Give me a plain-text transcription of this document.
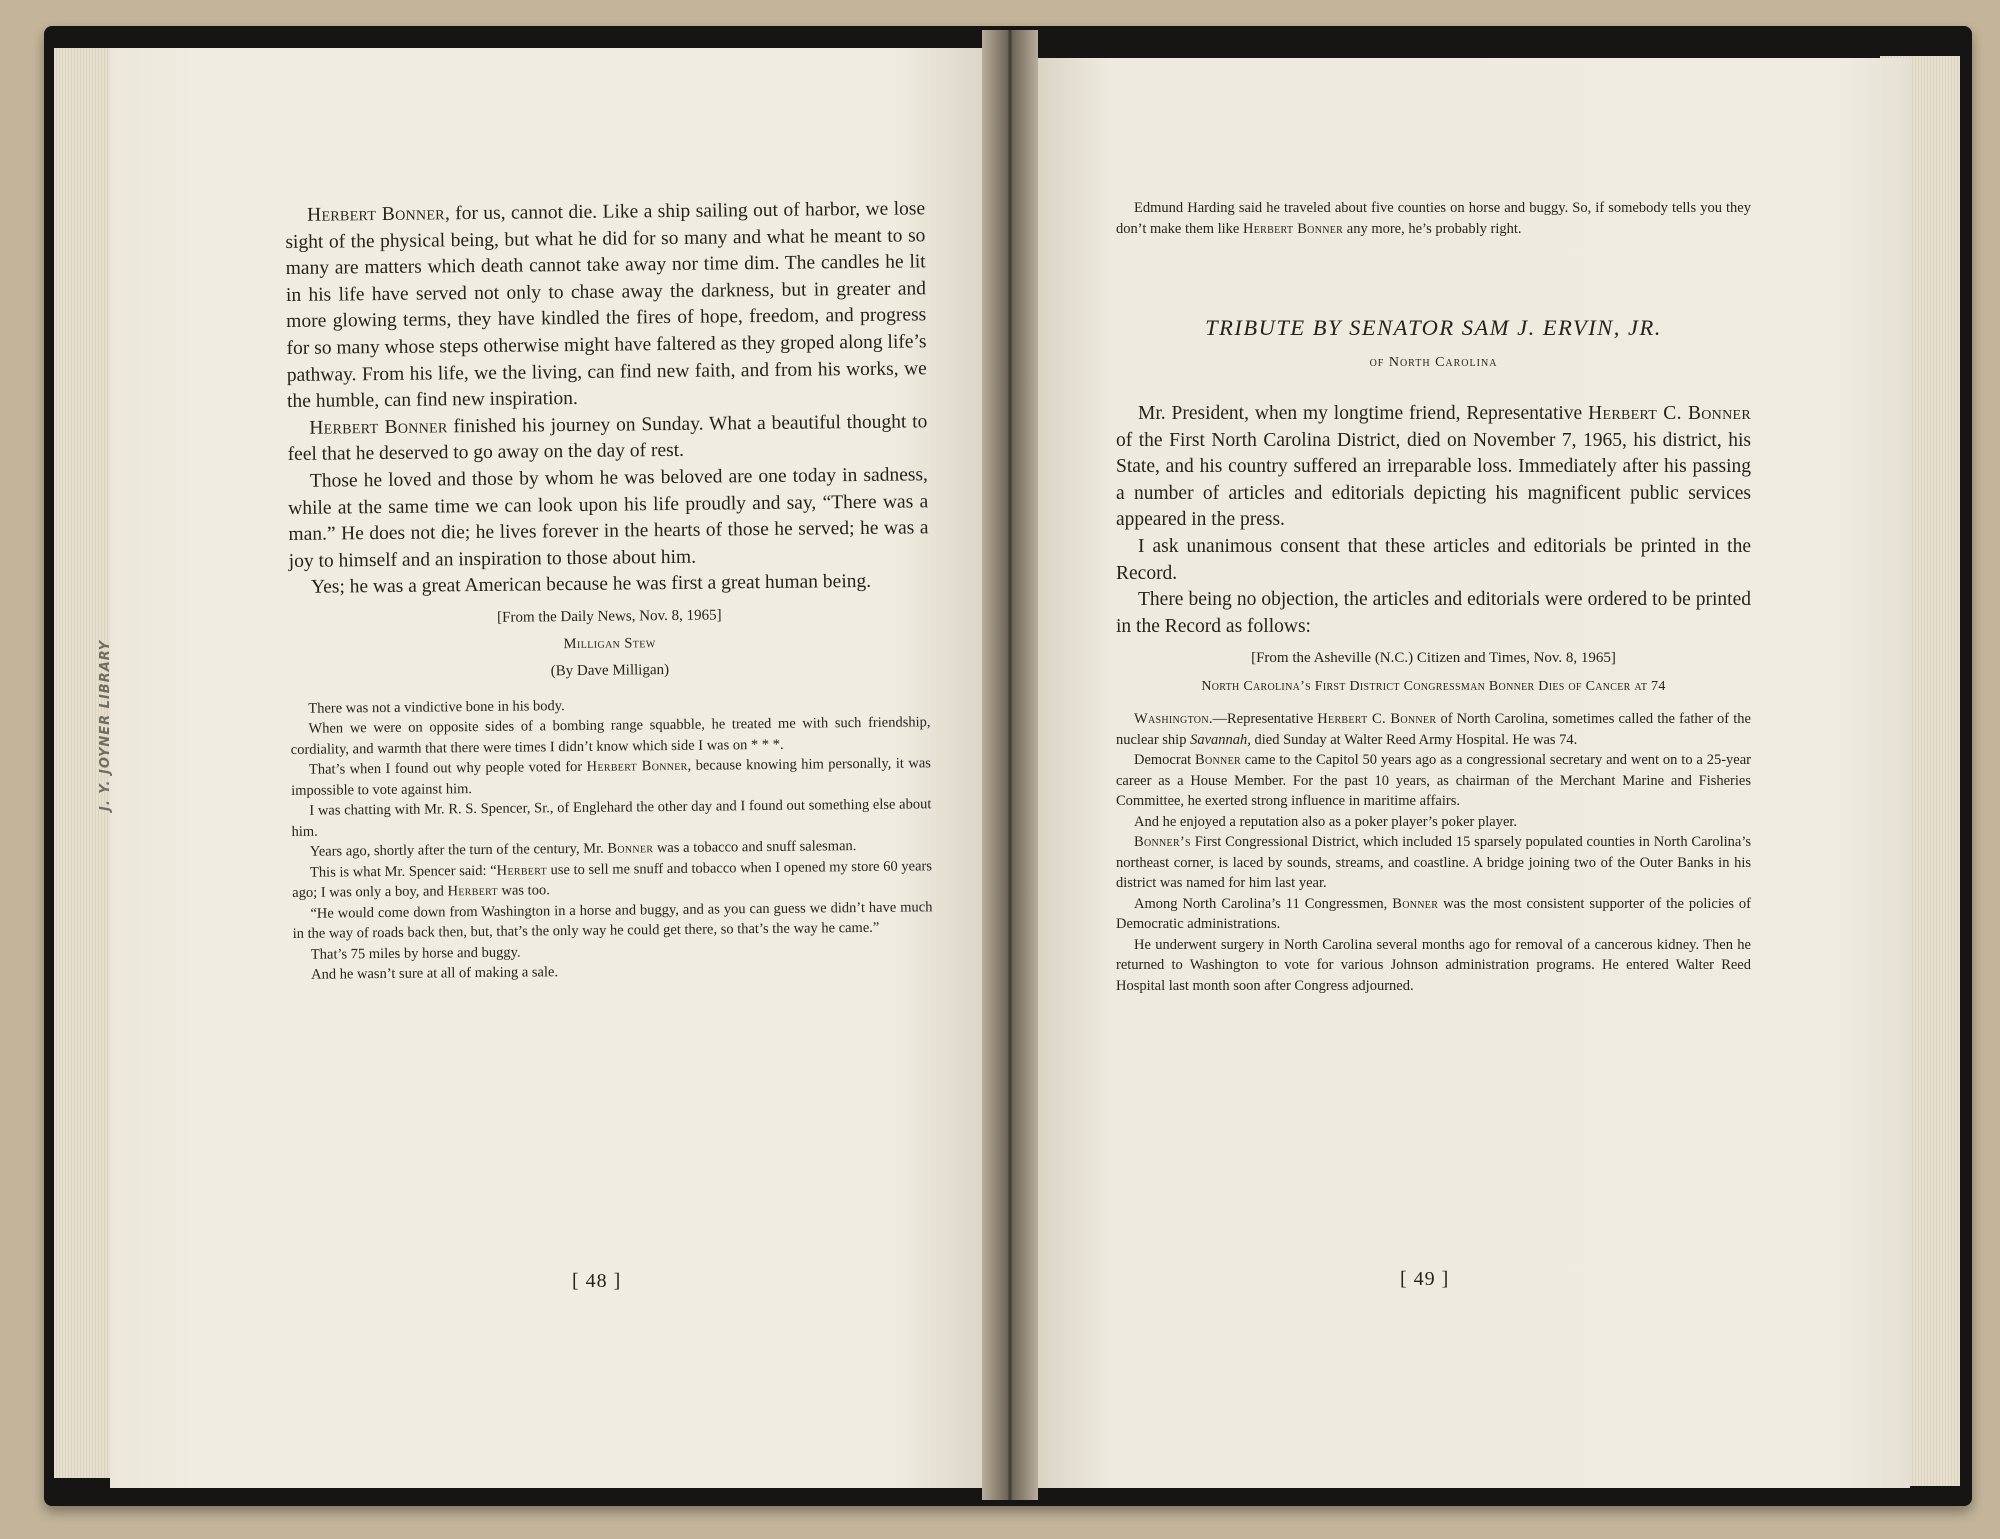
Herbert Bonner, for us, cannot die. Like a ship sailing out of harbor, we lose sight of the physical being, but what he did for so many and what he meant to so many are matters which death cannot take away nor time dim. The candles he lit in his life have served not only to chase away the darkness, but in greater and more glowing terms, they have kindled the fires of hope, freedom, and progress for so many whose steps otherwise might have faltered as they groped along life’s pathway. From his life, we the living, can find new faith, and from his works, we the humble, can find new inspiration.

Herbert Bonner finished his journey on Sunday. What a beautiful thought to feel that he deserved to go away on the day of rest.

Those he loved and those by whom he was beloved are one today in sadness, while at the same time we can look upon his life proudly and say, “There was a man.” He does not die; he lives forever in the hearts of those he served; he was a joy to himself and an inspiration to those about him.

Yes; he was a great American because he was first a great human being.

[From the Daily News, Nov. 8, 1965]
Milligan Stew
(By Dave Milligan)

There was not a vindictive bone in his body.

When we were on opposite sides of a bombing range squabble, he treated me with such friendship, cordiality, and warmth that there were times I didn’t know which side I was on * * *.

That’s when I found out why people voted for Herbert Bonner, because knowing him personally, it was impossible to vote against him.

I was chatting with Mr. R. S. Spencer, Sr., of Englehard the other day and I found out something else about him.

Years ago, shortly after the turn of the century, Mr. Bonner was a tobacco and snuff salesman.

This is what Mr. Spencer said: “Herbert use to sell me snuff and tobacco when I opened my store 60 years ago; I was only a boy, and Herbert was too.

“He would come down from Washington in a horse and buggy, and as you can guess we didn’t have much in the way of roads back then, but, that’s the only way he could get there, so that’s the way he came.”

That’s 75 miles by horse and buggy.

And he wasn’t sure at all of making a sale.

[ 48 ]
J. Y. JOYNER LIBRARY

Edmund Harding said he traveled about five counties on horse and buggy. So, if somebody tells you they don’t make them like Herbert Bonner any more, he’s probably right.

TRIBUTE BY SENATOR SAM J. ERVIN, JR.
of North Carolina

Mr. President, when my longtime friend, Representative Herbert C. Bonner of the First North Carolina District, died on November 7, 1965, his district, his State, and his country suffered an irreparable loss. Immediately after his passing a number of articles and editorials depicting his magnificent public services appeared in the press.

I ask unanimous consent that these articles and editorials be printed in the Record.

There being no objection, the articles and editorials were ordered to be printed in the Record as follows:

[From the Asheville (N.C.) Citizen and Times, Nov. 8, 1965]
North Carolina’s First District Congressman Bonner Dies of Cancer at 74

Washington.—Representative Herbert C. Bonner of North Carolina, sometimes called the father of the nuclear ship Savannah, died Sunday at Walter Reed Army Hospital. He was 74.

Democrat Bonner came to the Capitol 50 years ago as a congressional secretary and went on to a 25-year career as a House Member. For the past 10 years, as chairman of the Merchant Marine and Fisheries Committee, he exerted strong influence in maritime affairs.

And he enjoyed a reputation also as a poker player’s poker player.

Bonner’s First Congressional District, which included 15 sparsely populated counties in North Carolina’s northeast corner, is laced by sounds, streams, and coastline. A bridge joining two of the Outer Banks in his district was named for him last year.

Among North Carolina’s 11 Congressmen, Bonner was the most consistent supporter of the policies of Democratic administrations.

He underwent surgery in North Carolina several months ago for removal of a cancerous kidney. Then he returned to Washington to vote for various Johnson administration programs. He entered Walter Reed Hospital last month soon after Congress adjourned.

[ 49 ]
